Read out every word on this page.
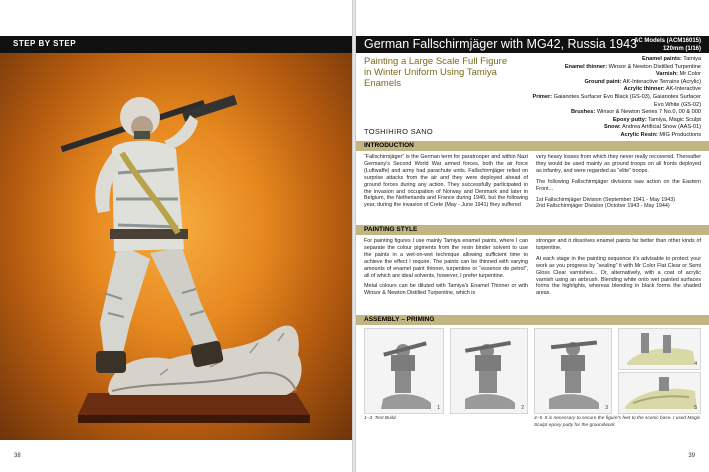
STEP BY STEP
38
German Fallschirmjäger with MG42, Russia 1943
AC Models (ACM16015)
120mm (1/16)
Painting a Large Scale Full Figure in Winter Uniform Using Tamiya Enamels
TOSHIHIRO SANO
Enamel paints: Tamiya
Enamel thinner: Winsor & Newton Distilled Turpentine
Varnish: Mr Color
Ground paint: AK-Interactive Terrains (Acrylic)
Acrylic thinner: AK-Interactive
Primer: Gaianotes Surfacer Evo Black (GS-03), Gaianotes Surfacer
Evo White (GS-02)
Brushes: Winsor & Newton Series 7 No.0, 00 & 000
Epoxy putty: Tamiya, Magic Sculpt
Snow: Andrea Artificial Snow (AAS-01)
Acrylic Resin: MIG Productions
INTRODUCTION

“Fallschirmjäger” is the German term for paratrooper and within Nazi Germany's Second World War armed forces, both the air force (Luftwaffe) and army had parachute units. Fallschirmjäger relied on surprise attacks from the air and they were deployed ahead of ground forces during any action. They successfully participated in the invasion and occupation of Norway and Denmark and later in Belgium, the Netherlands and France during 1940, but the following year, during the invasion of Crete (May - June 1941) they suffered

very heavy losses from which they never really recovered. Thereafter they would be used mainly as ground troops on all fronts deployed as infantry, and were regarded as “elite” troops.

The following Fallschirmjäger divisions saw action on the Eastern Front...

1st Fallschirmjäger Division (September 1941 - May 1943)

2nd Fallschirmjäger Division (October 1943 - May 1944)

PAINTING STYLE

For painting figures I use mainly Tamiya enamel paints, where I can separate the colour pigments from the resin binder solvent to use the paints in a wet-on-wet technique allowing sufficient time to achieve the effect I require. The paints can be thinned with varying amounts of enamel paint thinner, turpentine or “essence de petrol”, all of which are ideal solvents, however, I prefer turpentine.

Metal colours can be diluted with Tamiya's Enamel Thinner or with Winsor & Newton Distilled Turpentine, which is

stronger and it dissolves enamel paints far better than other kinds of turpentine.

At each stage in the painting sequence it's advisable to protect your work as you progress by “sealing” it with Mr Color Flat Clear or Semi Gloss Clear varnishes... Or, alternatively, with a coat of acrylic varnish using an airbrush. Blending white onto wet painted surfaces forms the highlights, whereas blending in black forms the shaded areas.

ASSEMBLY – PRIMING
1	2	3
4
5
1–3. Test Build.	4–5. It is necessary to secure the figure's feet to the scenic base. I used Magic Sculpt epoxy putty for the groundwork.
39
